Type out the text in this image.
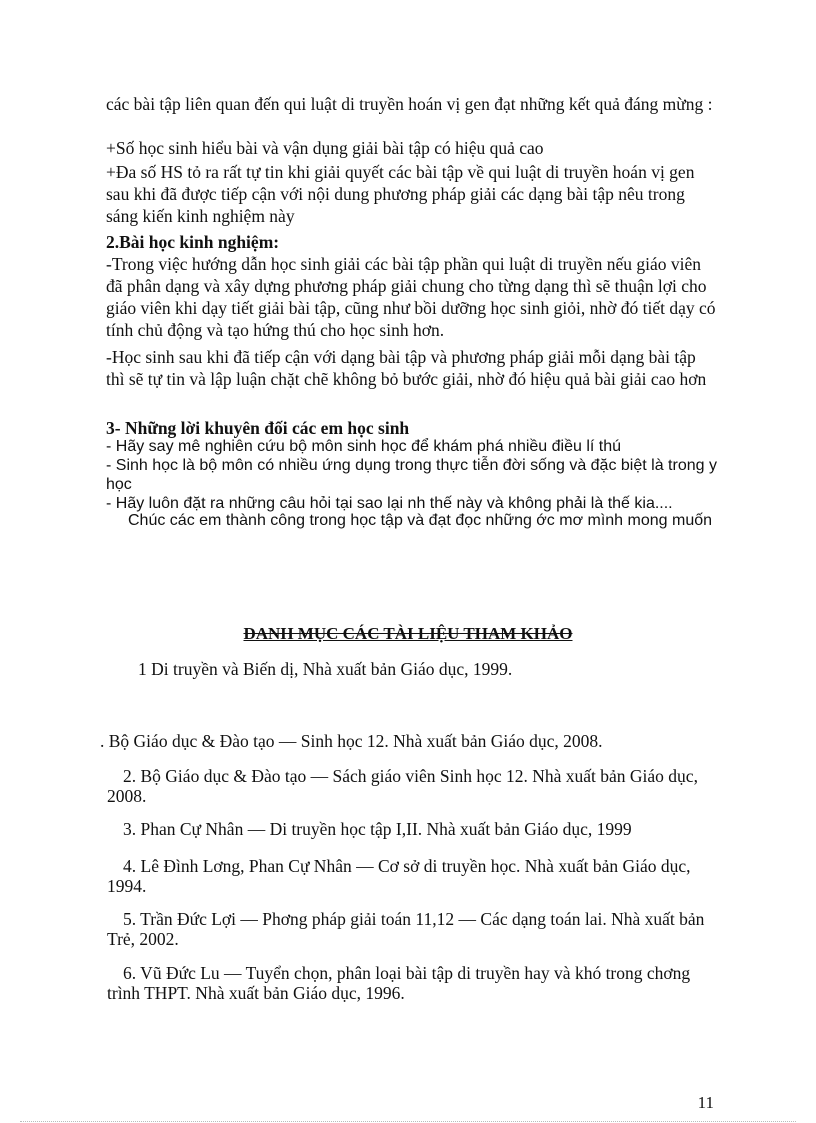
các bài tập liên quan đến qui luật di truyền hoán vị gen đạt những kết quả đáng mừng :
+Số học sinh hiểu bài và vận dụng giải bài tập có hiệu quả cao
+Đa số HS tỏ ra rất tự tin khi giải quyết các bài tập về qui luật di truyền hoán vị gen sau khi đã được tiếp cận với nội dung phương pháp giải các dạng bài tập nêu trong sáng kiến kinh nghiệm này
2.Bài học kinh nghiệm:
-Trong việc hướng dẫn học sinh giải các bài tập phần qui luật di truyền nếu giáo viên đã phân dạng và xây dựng phương pháp giải chung cho từng dạng thì sẽ thuận lợi cho giáo viên khi dạy tiết giải bài tập, cũng như bồi dưỡng học sinh giỏi, nhờ đó tiết dạy có tính chủ động và tạo hứng thú cho học sinh hơn.
-Học sinh sau khi đã tiếp cận với dạng bài tập và phương pháp giải mỗi dạng bài tập thì sẽ tự tin và lập luận chặt chẽ không bỏ bước giải, nhờ đó hiệu quả bài giải cao hơn
3- Những lời khuyên đối các em học sinh
- Hãy say mê nghiên cứu bộ môn sinh học để khám phá nhiều điều lí thú
- Sinh học là bộ môn có nhiều ứng dụng trong thực tiễn đời sống và đặc biệt là trong y học
- Hãy luôn đặt ra những câu hỏi tại sao lại nh thế này và không phải là thế kia....
Chúc các em thành công trong học tập và đạt đọc những ớc mơ mình mong muốn
DANH MỤC CÁC TÀI LIỆU THAM KHẢO
1 Di truyền và Biến dị, Nhà xuất bản Giáo dục, 1999.
. Bộ Giáo dục & Đào tạo — Sinh học 12. Nhà xuất bản Giáo dục, 2008.
2. Bộ Giáo dục & Đào tạo — Sách giáo viên Sinh học 12. Nhà xuất bản Giáo dục, 2008.
3. Phan Cự Nhân — Di truyền học tập I,II. Nhà xuất bản Giáo dục, 1999
4. Lê Đình Lơng, Phan Cự Nhân — Cơ sở di truyền học. Nhà xuất bản Giáo dục, 1994.
5. Trần Đức Lợi — Phơng pháp giải toán 11,12 — Các dạng toán lai. Nhà xuất bản Trẻ, 2002.
6. Vũ Đức Lu — Tuyển chọn, phân loại bài tập di truyền hay và khó trong chơng trình THPT. Nhà xuất bản Giáo dục, 1996.
11
